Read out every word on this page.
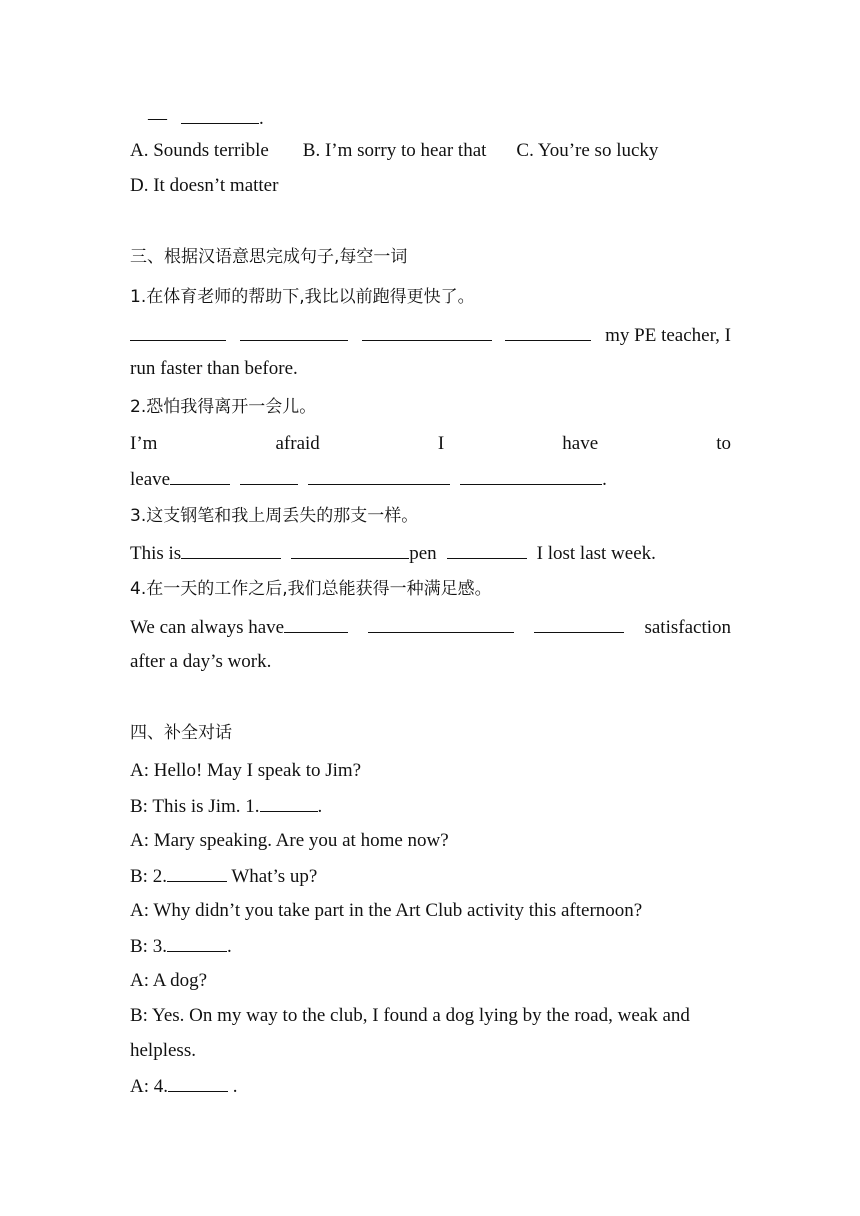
—	.
A. Sounds terrible B. I’m sorry to hear that C. You’re so lucky
D. It doesn’t matter
三、根据汉语意思完成句子,每空一词
1.在体育老师的帮助下,我比以前跑得更快了。
my PE teacher, I
run faster than before.
2.恐怕我得离开一会儿。
I’m	afraid	I	have	to
leave	.
3.这支钢笔和我上周丢失的那支一样。
This is	pen	I lost last week.
4.在一天的工作之后,我们总能获得一种满足感。
We can always have	satisfaction
after a day’s work.
四、补全对话
A: Hello! May I speak to Jim?
B: This is Jim. 1.	.
A: Mary speaking. Are you at home now?
B: 2.	What’s up?
A: Why didn’t you take part in the Art Club activity this afternoon?
B: 3.	.
A: A dog?
B: Yes. On my way to the club, I found a dog lying by the road, weak and
helpless.
A: 4.	.
